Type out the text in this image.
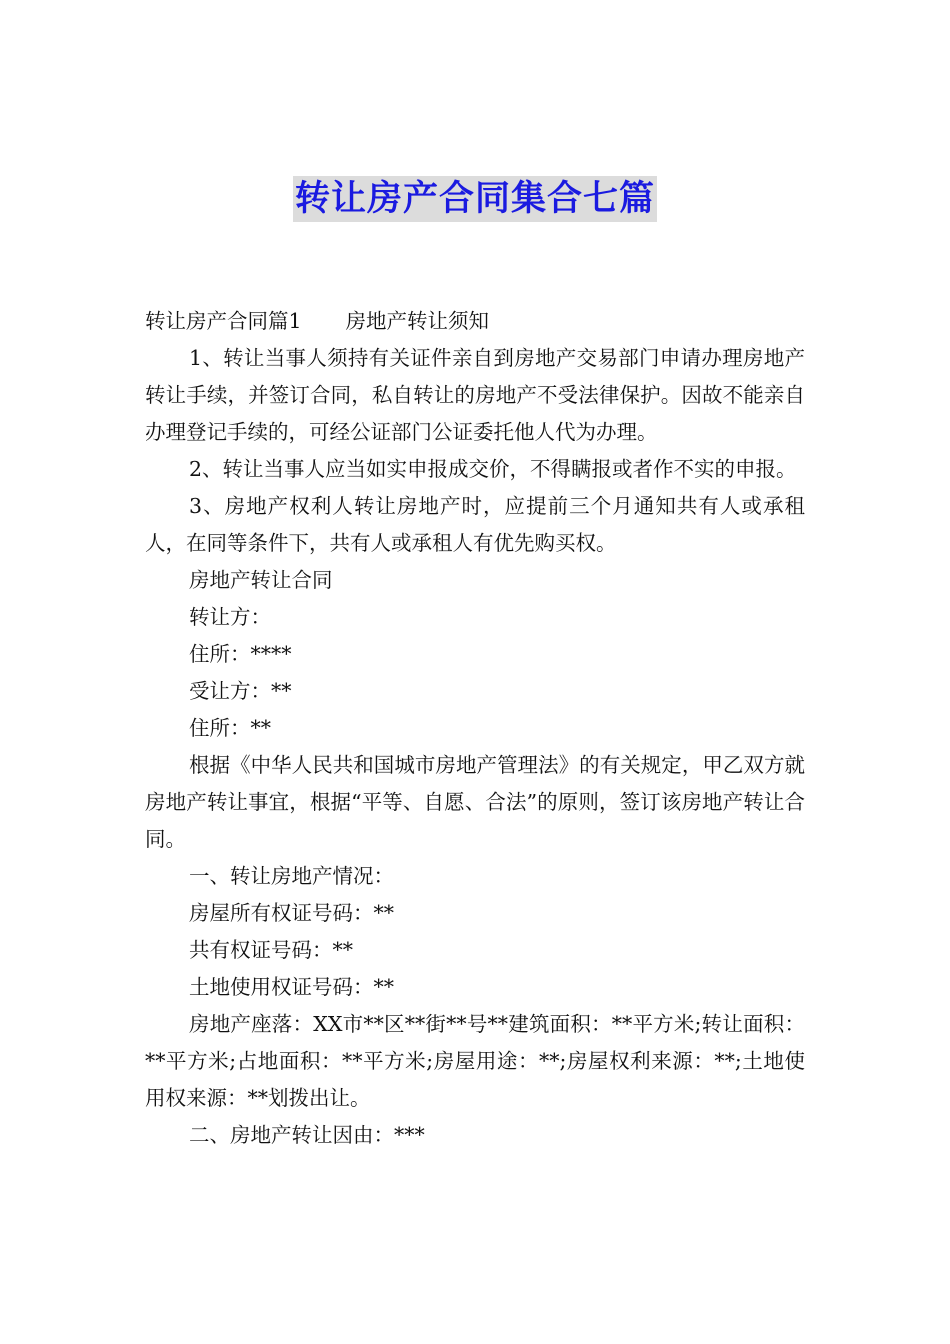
转让房产合同集合七篇

转让房产合同篇1 房地产转让须知

1、转让当事人须持有关证件亲自到房地产交易部门申请办理房地产转让手续，并签订合同，私自转让的房地产不受法律保护。因故不能亲自办理登记手续的，可经公证部门公证委托他人代为办理。

2、转让当事人应当如实申报成交价，不得瞒报或者作不实的申报。

3、房地产权利人转让房地产时，应提前三个月通知共有人或承租人，在同等条件下，共有人或承租人有优先购买权。

房地产转让合同

转让方：

住所：****

受让方：**

住所：**

根据《中华人民共和国城市房地产管理法》的有关规定，甲乙双方就房地产转让事宜，根据“平等、自愿、合法”的原则，签订该房地产转让合同。

一、转让房地产情况：

房屋所有权证号码：**

共有权证号码：**

土地使用权证号码：**

房地产座落：XX市**区**街**号**建筑面积：**平方米;转让面积：**平方米;占地面积：**平方米;房屋用途：**;房屋权利来源：**;土地使用权来源：**划拨出让。

二、房地产转让因由：***
